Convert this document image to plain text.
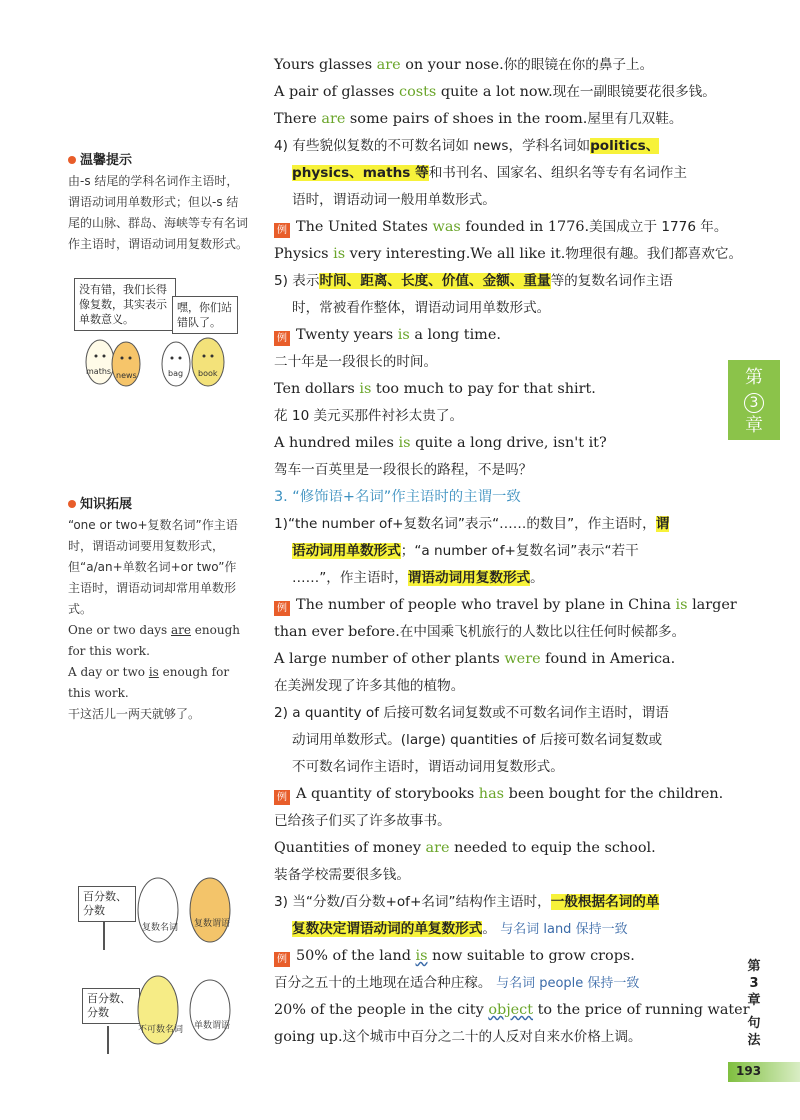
Yours glasses are on your nose.你的眼镜在你的鼻子上。
A pair of glasses costs quite a lot now.现在一副眼镜要花很多钱。
There are some pairs of shoes in the room.屋里有几双鞋。
4) 有些貌似复数的不可数名词如 news，学科名词如politics、
physics、maths 等和书刊名、国家名、组织名等专有名词作主
语时，谓语动词一般用单数形式。
例 The United States was founded in 1776.美国成立于 1776 年。
Physics is very interesting.We all like it.物理很有趣。我们都喜欢它。
5) 表示时间、距离、长度、价值、金额、重量等的复数名词作主语
时，常被看作整体，谓语动词用单数形式。
例 Twenty years is a long time.
二十年是一段很长的时间。
Ten dollars is too much to pay for that shirt.
花 10 美元买那件衬衫太贵了。
A hundred miles is quite a long drive, isn't it?
驾车一百英里是一段很长的路程，不是吗？
3. “修饰语+名词”作主语时的主谓一致
1)“the number of+复数名词”表示“……的数目”，作主语时，谓
语动词用单数形式；“a number of+复数名词”表示“若干
……”，作主语时，谓语动词用复数形式。
例 The number of people who travel by plane in China is larger
than ever before.在中国乘飞机旅行的人数比以往任何时候都多。
A large number of other plants were found in America.
在美洲发现了许多其他的植物。
2) a quantity of 后接可数名词复数或不可数名词作主语时，谓语
动词用单数形式。(large) quantities of 后接可数名词复数或
不可数名词作主语时，谓语动词用复数形式。
例 A quantity of storybooks has been bought for the children.
已给孩子们买了许多故事书。
Quantities of money are needed to equip the school.
装备学校需要很多钱。
3) 当“分数/百分数+of+名词”结构作主语时，一般根据名词的单
复数决定谓语动词的单复数形式。 与名词 land 保持一致
例 50% of the land is now suitable to grow crops.
百分之五十的土地现在适合种庄稼。 与名词 people 保持一致
20% of the people in the city object to the price of running water
going up.这个城市中百分之二十的人反对自来水价格上调。
温馨提示
由-s 结尾的学科名词作主语时，谓语动词用单数形式；但以-s 结尾的山脉、群岛、海峡等专有名词作主语时，谓语动词用复数形式。
没有错，我们长得像复数，其实表示单数意义。
嘿，你们站错队了。
maths news	bag book
知识拓展
“one or two+复数名词”作主语时，谓语动词要用复数形式，但“a/an+单数名词+or two”作主语时，谓语动词却常用单数形式。
One or two days are enough for this work.
A day or two is enough for this work.
干这活儿一两天就够了。
百分数、分数
百分数、分数
复数名词 复数谓语
不可数名词 单数谓语
第
3
章
第
3
章
句
法
193
